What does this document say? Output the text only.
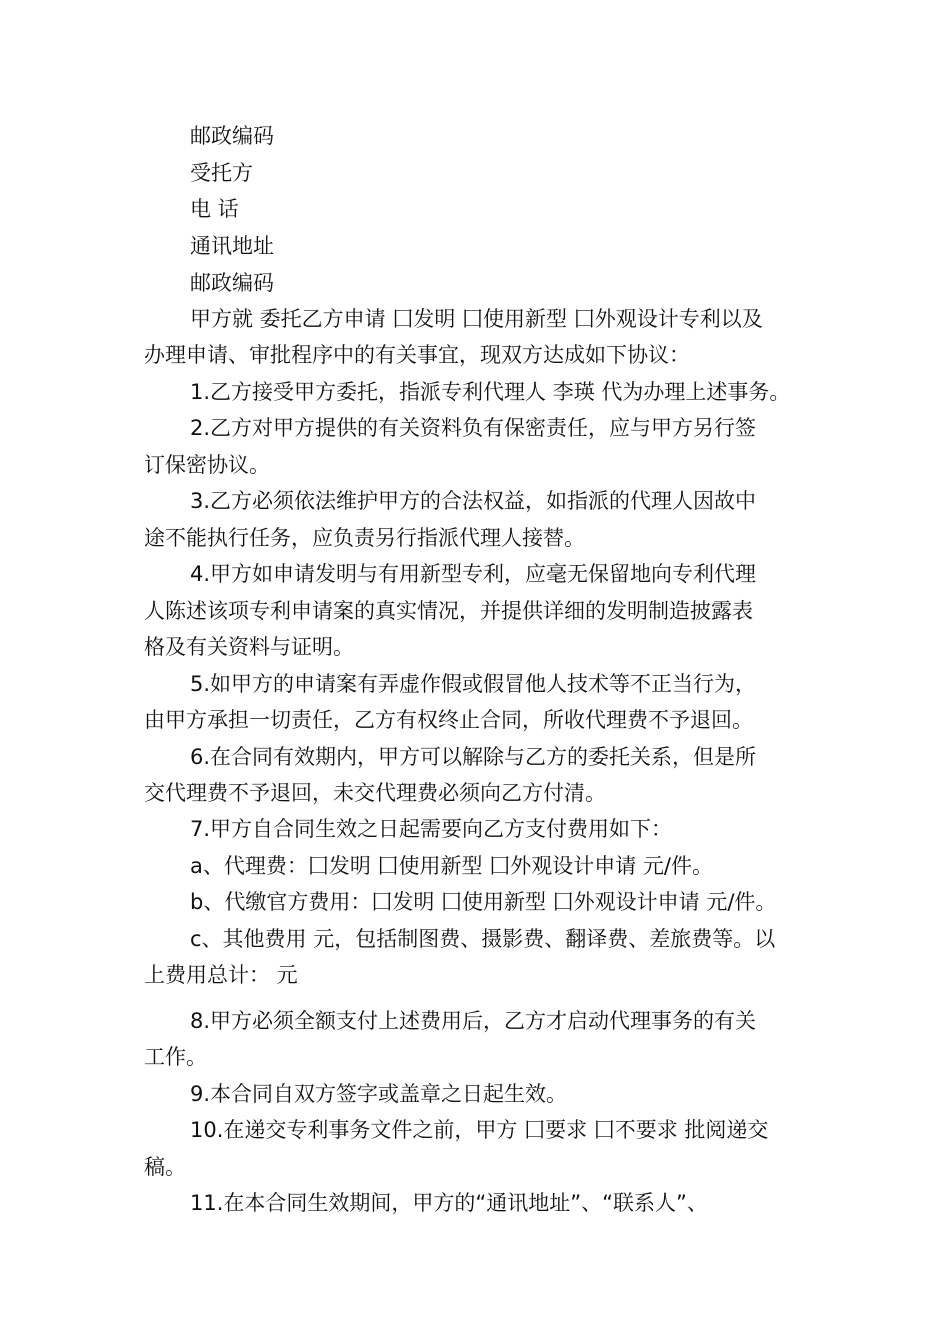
邮政编码
受托方
电 话
通讯地址
邮政编码
甲方就 委托乙方申请 囗发明 囗使用新型 囗外观设计专利以及
办理申请、审批程序中的有关事宜，现双方达成如下协议：
1.乙方接受甲方委托，指派专利代理人 李瑛 代为办理上述事务。
2.乙方对甲方提供的有关资料负有保密责任，应与甲方另行签
订保密协议。
3.乙方必须依法维护甲方的合法权益，如指派的代理人因故中
途不能执行任务，应负责另行指派代理人接替。
4.甲方如申请发明与有用新型专利，应毫无保留地向专利代理
人陈述该项专利申请案的真实情况，并提供详细的发明制造披露表
格及有关资料与证明。
5.如甲方的申请案有弄虚作假或假冒他人技术等不正当行为，
由甲方承担一切责任，乙方有权终止合同，所收代理费不予退回。
6.在合同有效期内，甲方可以解除与乙方的委托关系，但是所
交代理费不予退回，未交代理费必须向乙方付清。
7.甲方自合同生效之日起需要向乙方支付费用如下：
a、代理费：囗发明 囗使用新型 囗外观设计申请 元/件。
b、代缴官方费用：囗发明 囗使用新型 囗外观设计申请 元/件。
c、其他费用 元，包括制图费、摄影费、翻译费、差旅费等。以
上费用总计： 元
8.甲方必须全额支付上述费用后，乙方才启动代理事务的有关
工作。
9.本合同自双方签字或盖章之日起生效。
10.在递交专利事务文件之前，甲方 囗要求 囗不要求 批阅递交
稿。
11.在本合同生效期间，甲方的“通讯地址”、“联系人”、
